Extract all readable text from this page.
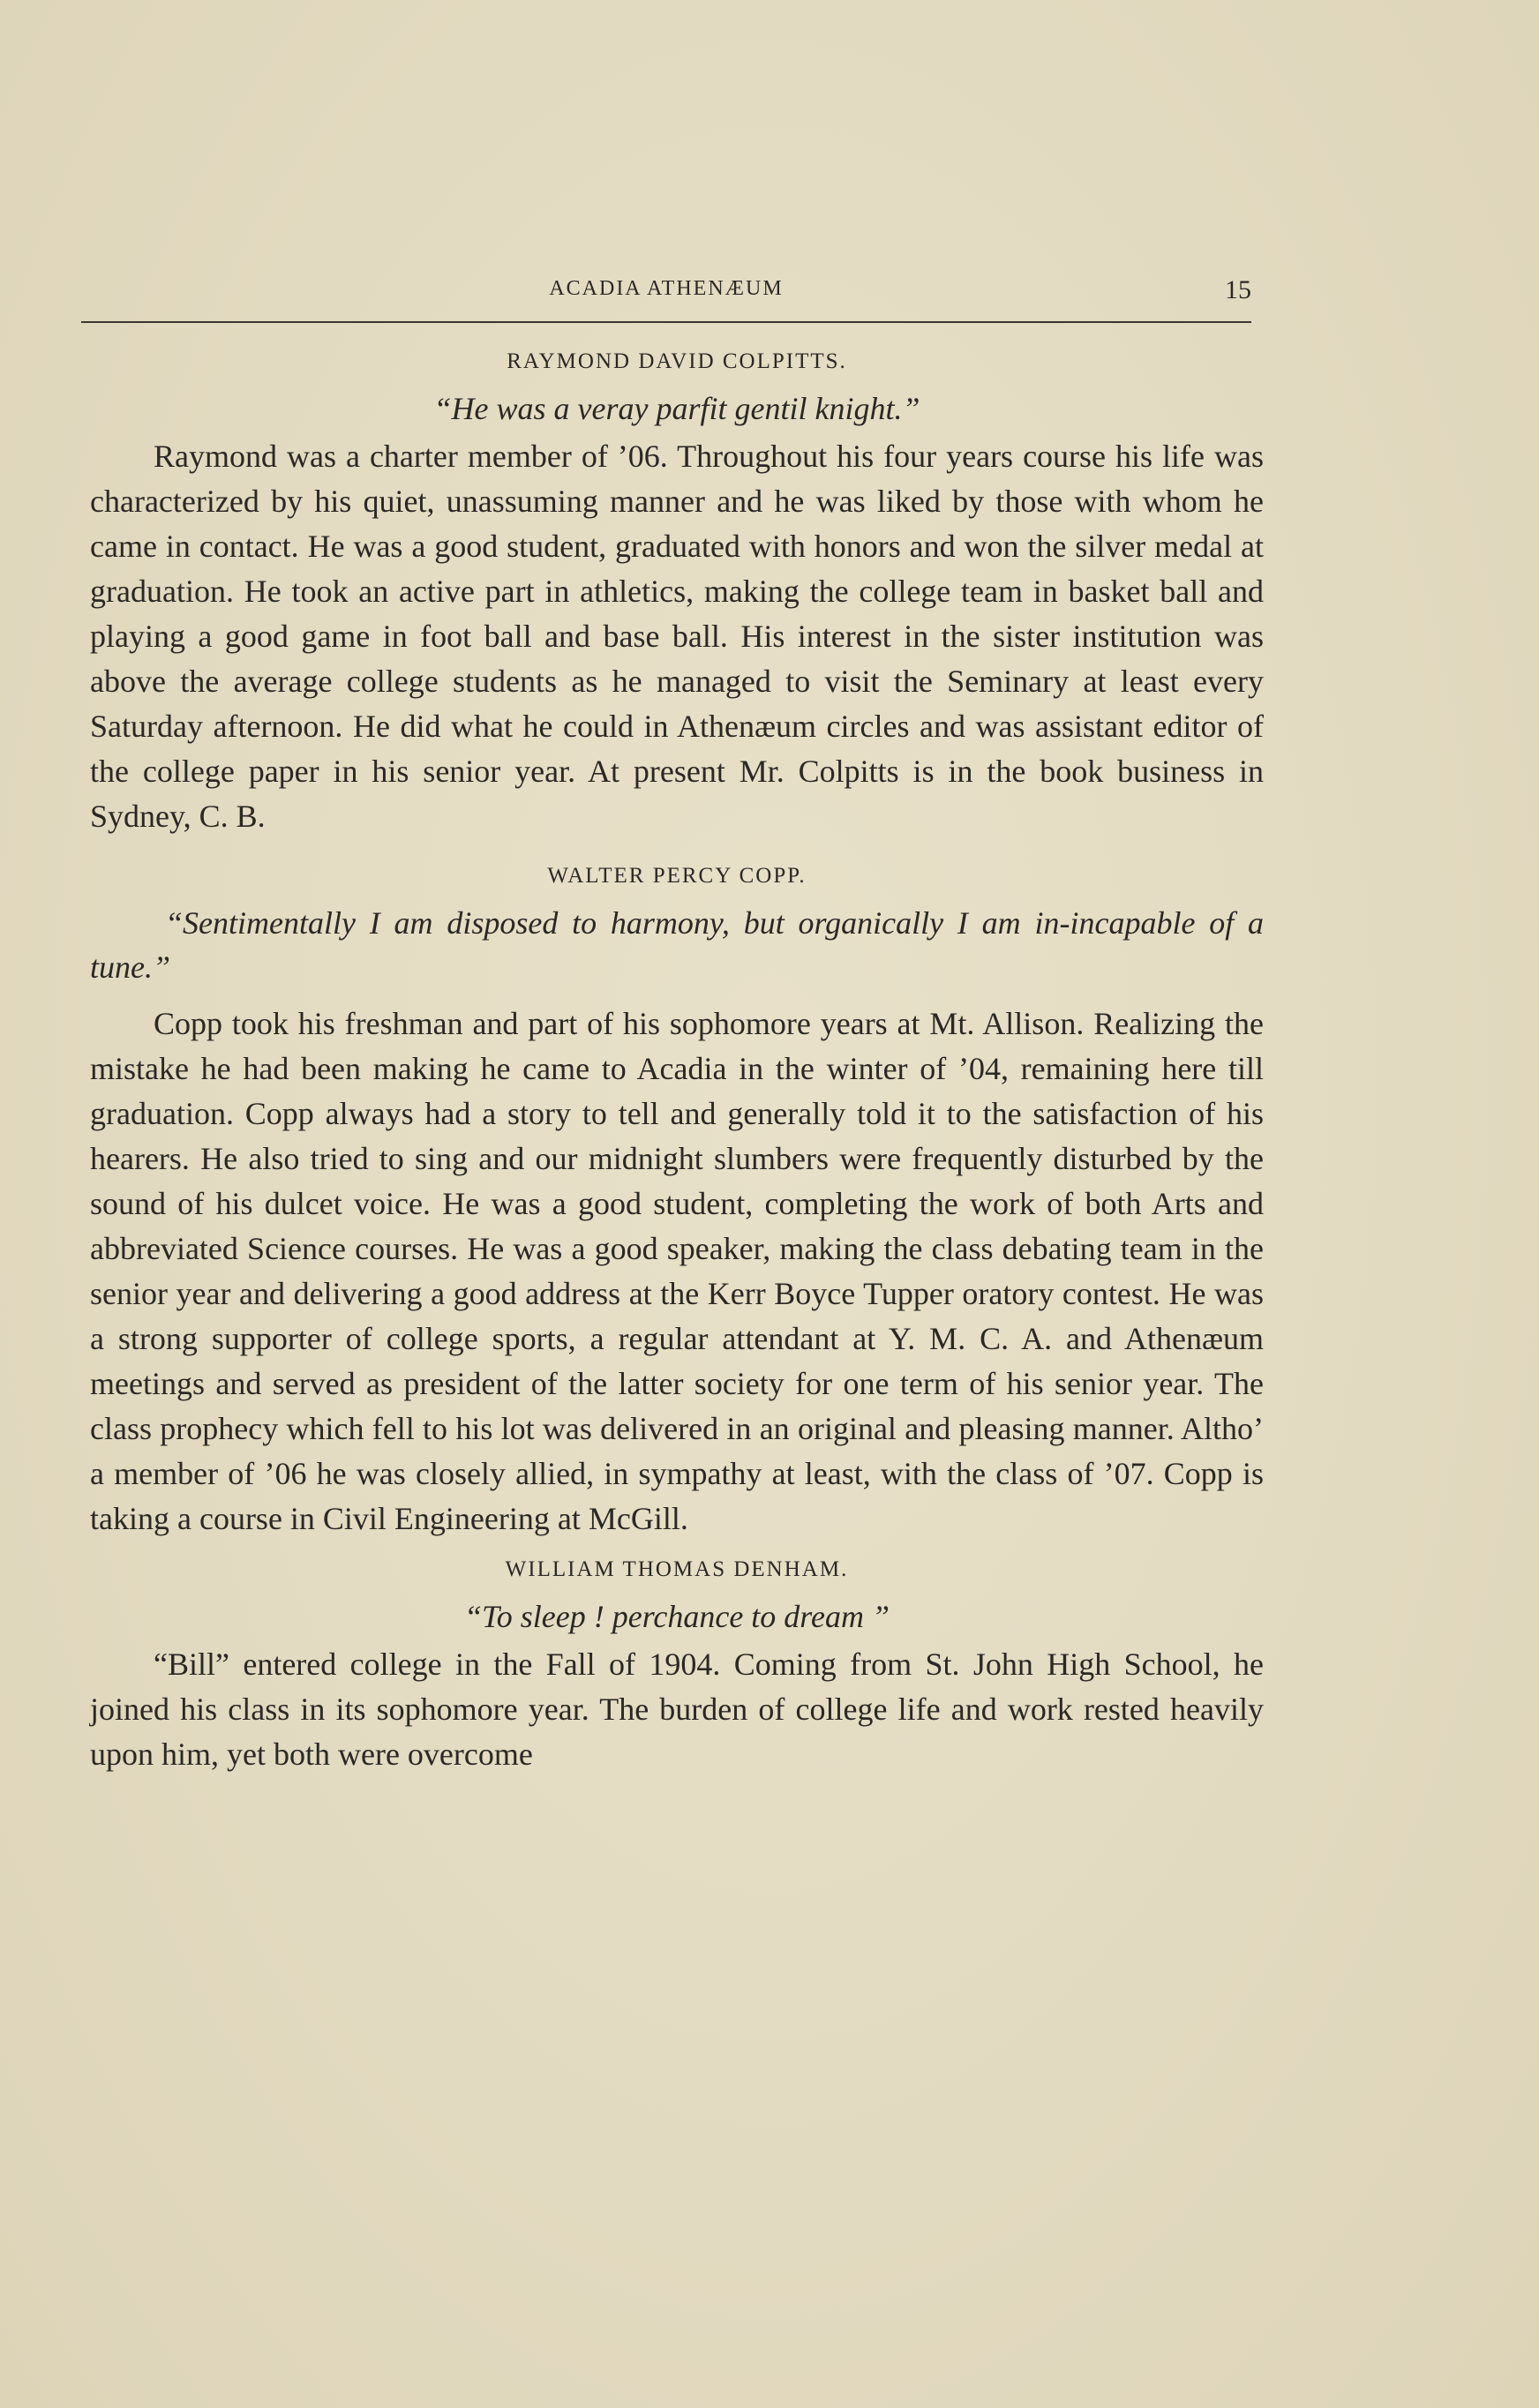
ACADIA ATHENÆUM	15
RAYMOND DAVID COLPITTS.

“He was a veray parfit gentil knight.”

Raymond was a charter member of ’06. Throughout his four years course his life was characterized by his quiet, unassuming manner and he was liked by those with whom he came in contact. He was a good student, graduated with honors and won the silver medal at graduation. He took an active part in athletics, making the college team in basket ball and playing a good game in foot ball and base ball. His interest in the sister institution was above the average college students as he managed to visit the Seminary at least every Saturday afternoon. He did what he could in Athenæum circles and was assistant editor of the college paper in his senior year. At present Mr. Colpitts is in the book business in Sydney, C. B.

WALTER PERCY COPP.

“Sentimentally I am disposed to harmony, but organically I am in-incapable of a tune.”

Copp took his freshman and part of his sophomore years at Mt. Allison. Realizing the mistake he had been making he came to Acadia in the winter of ’04, remaining here till graduation. Copp always had a story to tell and generally told it to the satisfaction of his hearers. He also tried to sing and our midnight slumbers were frequently disturbed by the sound of his dulcet voice. He was a good student, completing the work of both Arts and abbreviated Science courses. He was a good speaker, making the class debating team in the senior year and delivering a good address at the Kerr Boyce Tupper oratory contest. He was a strong supporter of college sports, a regular attendant at Y. M. C. A. and Athenæum meetings and served as president of the latter society for one term of his senior year. The class prophecy which fell to his lot was delivered in an original and pleasing manner. Altho’ a member of ’06 he was closely allied, in sympathy at least, with the class of ’07. Copp is taking a course in Civil Engineering at McGill.

WILLIAM THOMAS DENHAM.

“To sleep ! perchance to dream ”

“Bill” entered college in the Fall of 1904. Coming from St. John High School, he joined his class in its sophomore year. The burden of college life and work rested heavily upon him, yet both were overcome
